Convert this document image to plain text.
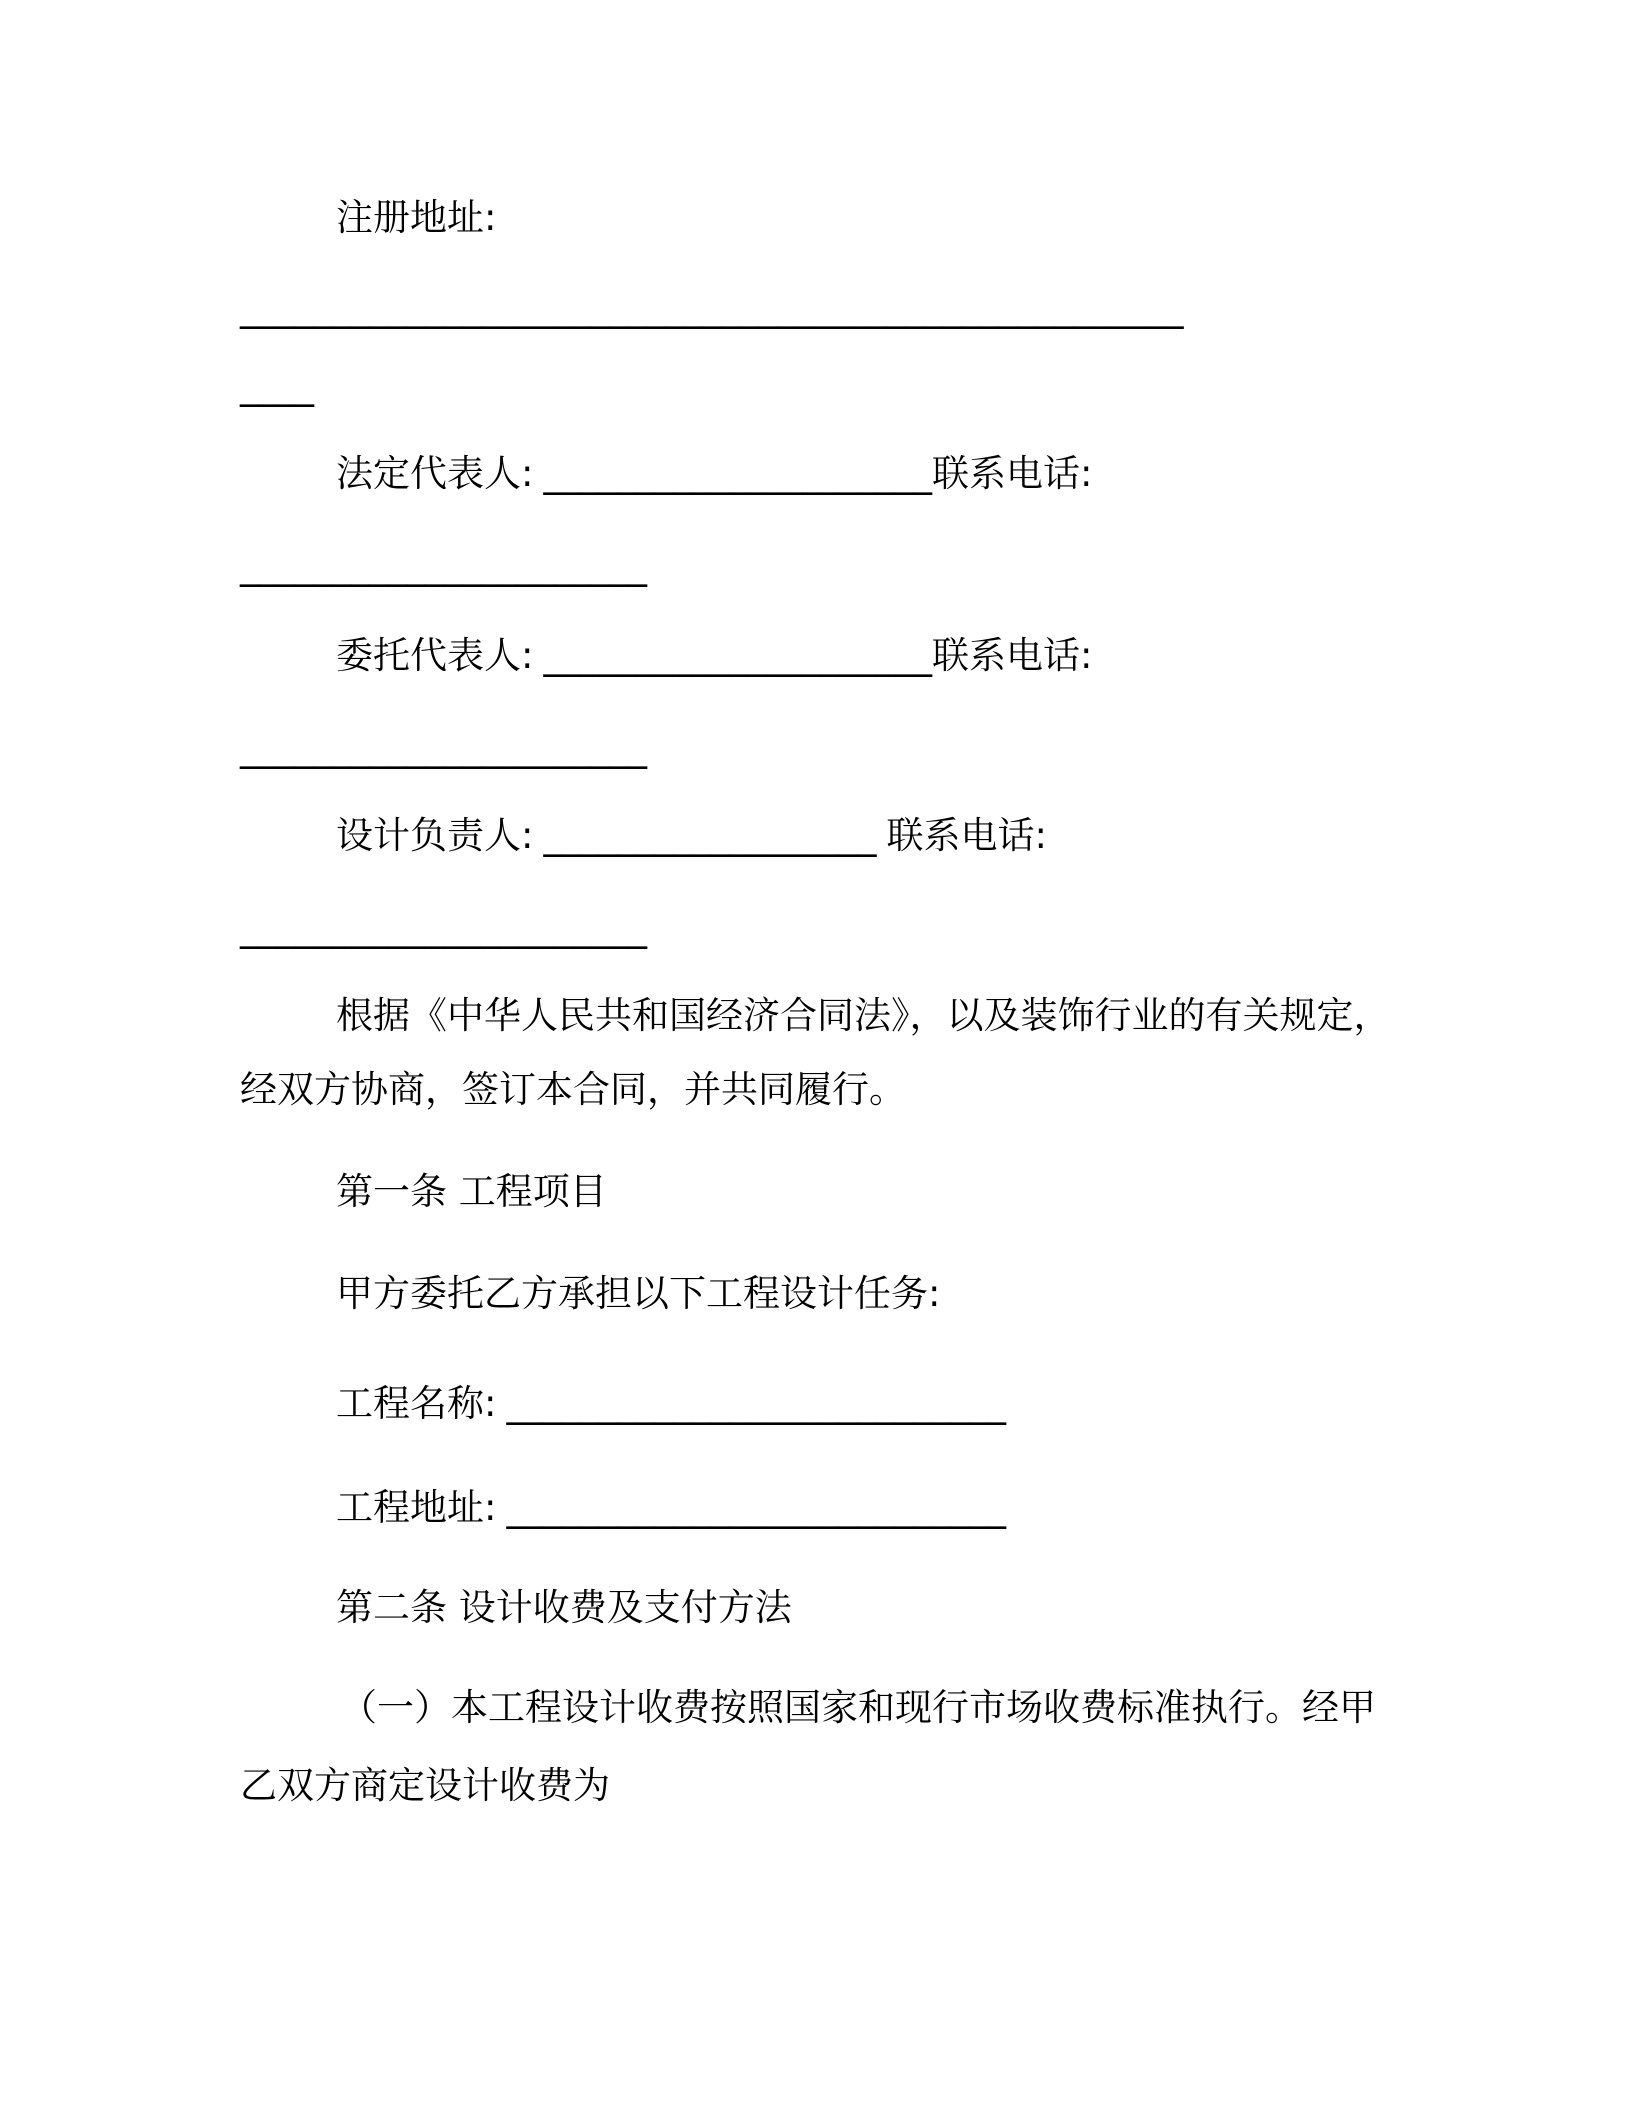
注册地址:
___________________________________________________
____
法定代表人: _____________________联系电话:
______________________
委托代表人: _____________________联系电话:
______________________
设计负责人: __________________ 联系电话:
______________________
根据《中华人民共和国经济合同法》，以及装饰行业的有关规定，
经双方协商，签订本合同，并共同履行。
第一条 工程项目
甲方委托乙方承担以下工程设计任务:
工程名称: ___________________________
工程地址: ___________________________
第二条 设计收费及支付方法
（一）本工程设计收费按照国家和现行市场收费标准执行。经甲
乙双方商定设计收费为
